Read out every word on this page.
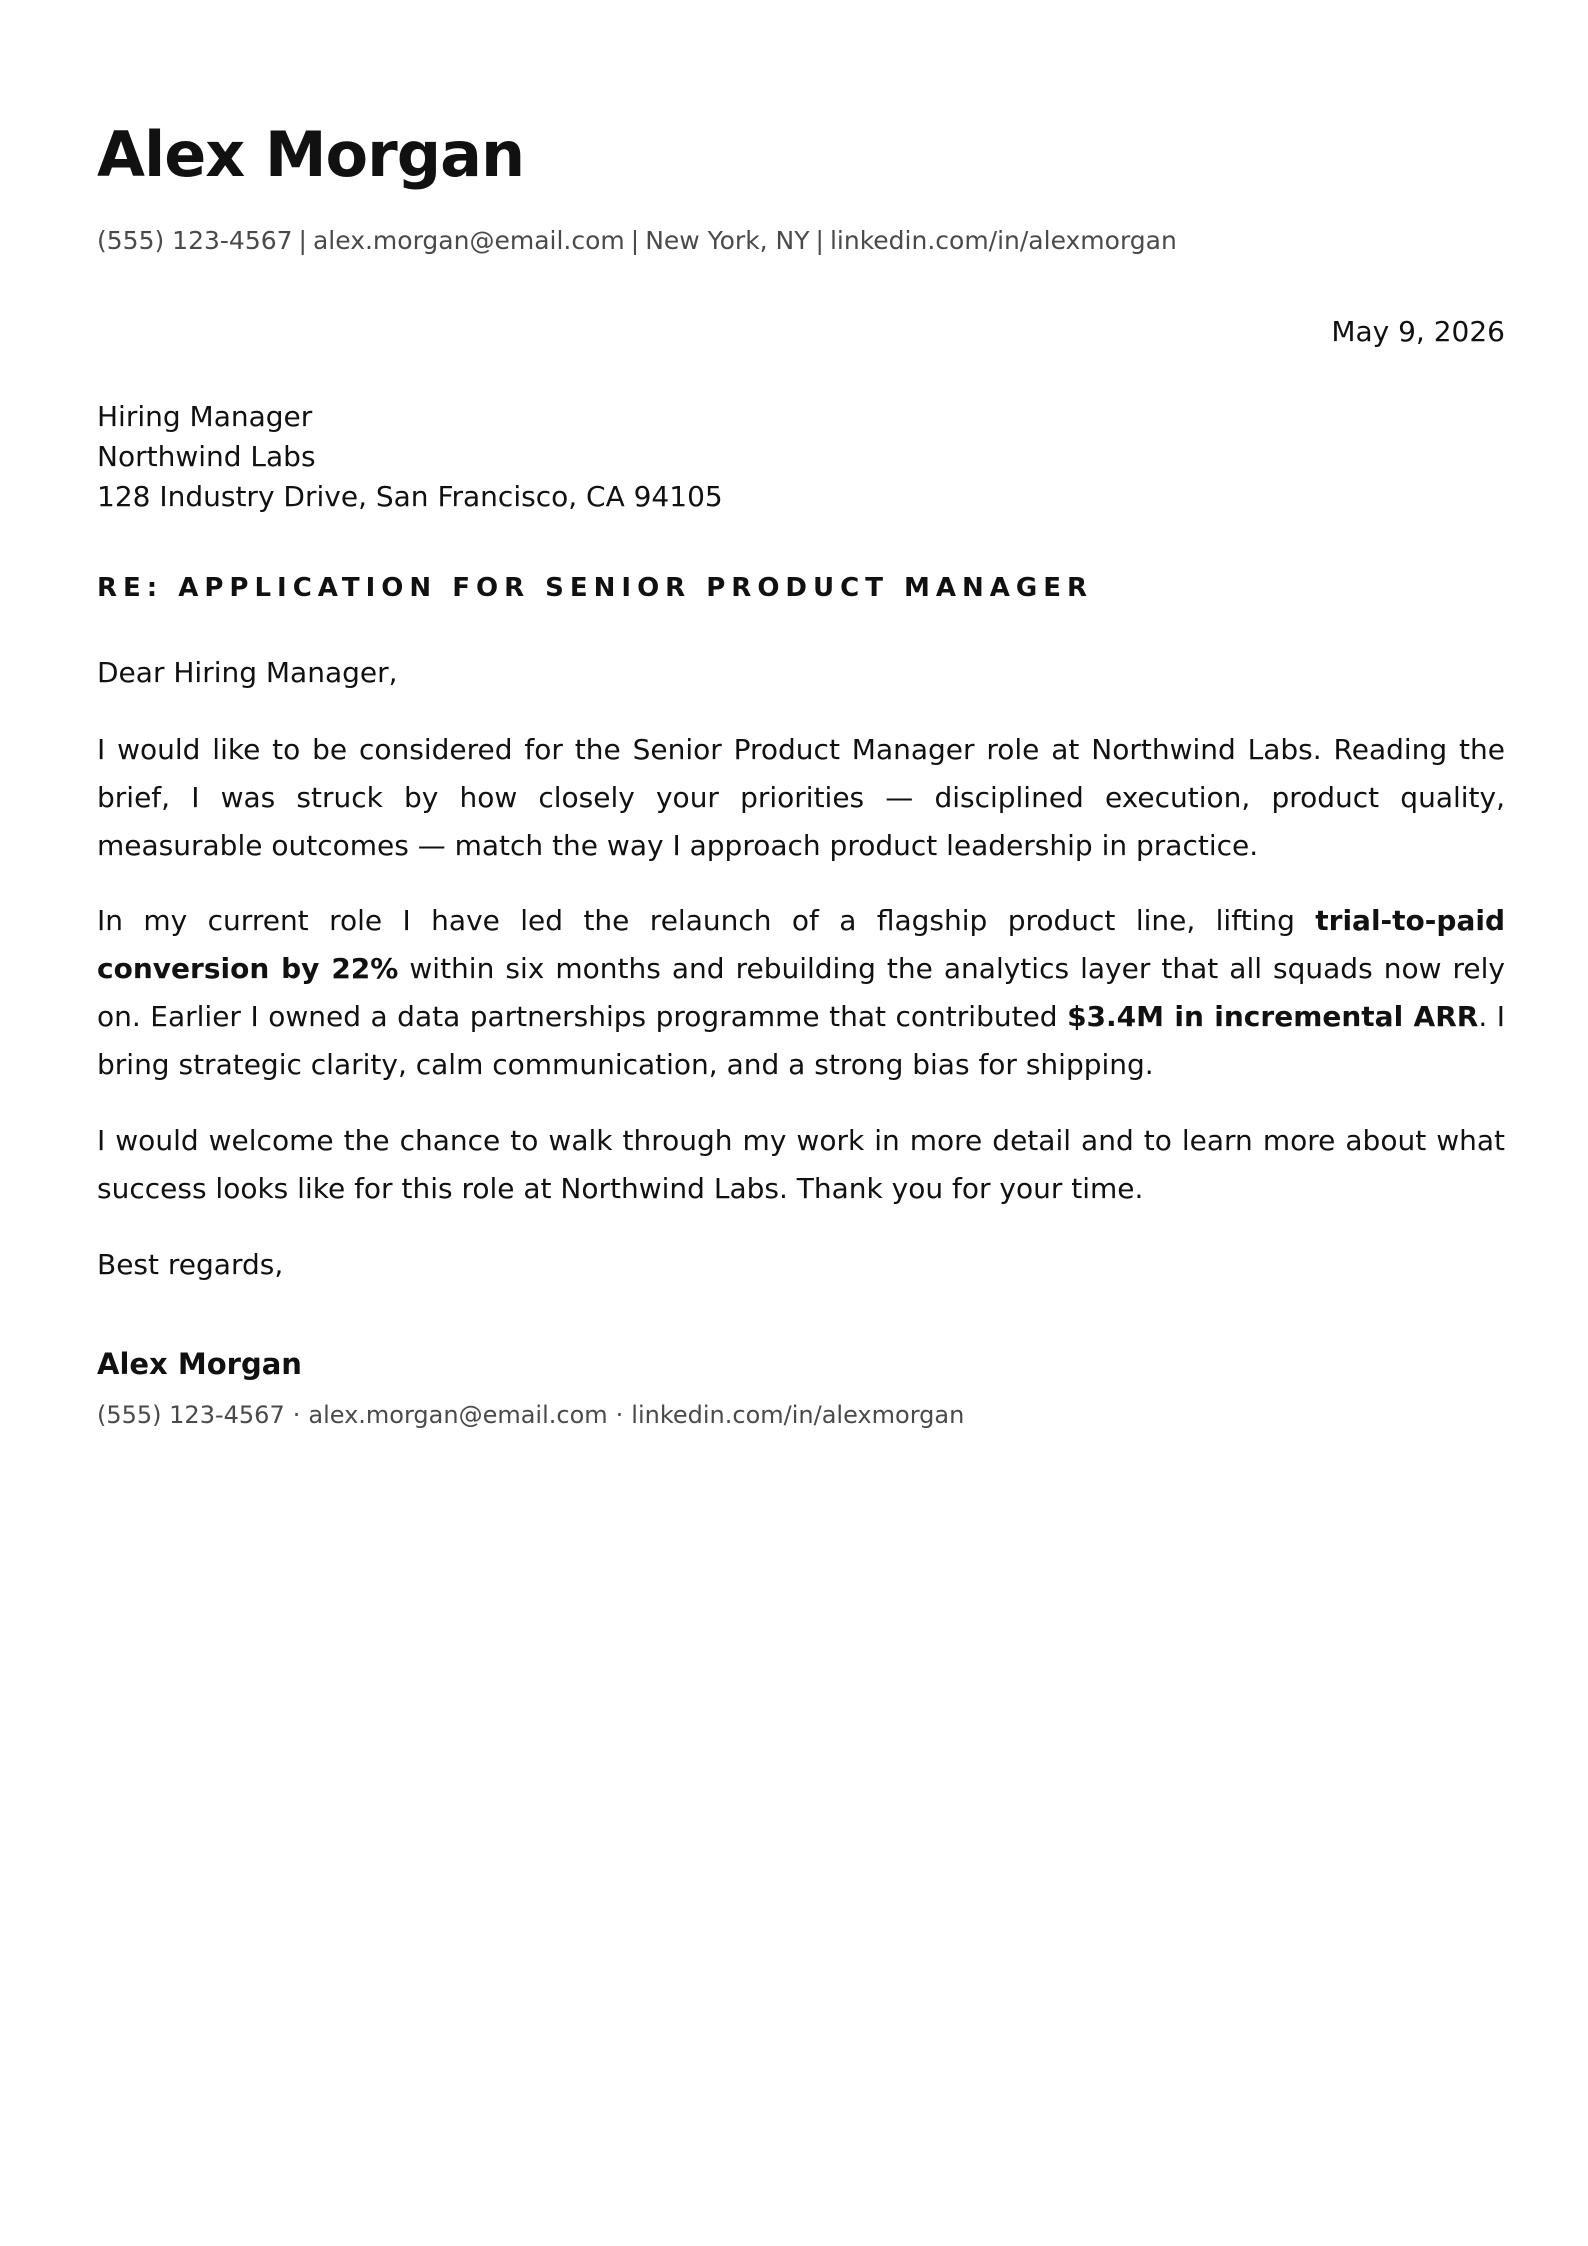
Alex Morgan
(555) 123-4567 | alex.morgan@email.com | New York, NY | linkedin.com/in/alexmorgan
May 9, 2026
Hiring Manager
Northwind Labs
128 Industry Drive, San Francisco, CA 94105
RE: APPLICATION FOR SENIOR PRODUCT MANAGER
Dear Hiring Manager,

I would like to be considered for the Senior Product Manager role at Northwind Labs. Reading the brief, I was struck by how closely your priorities — disciplined execution, product quality, measurable outcomes — match the way I approach product leadership in practice.

In my current role I have led the relaunch of a flagship product line, lifting trial-to-paid conversion by 22% within six months and rebuilding the analytics layer that all squads now rely on. Earlier I owned a data partnerships programme that contributed $3.4M in incremental ARR. I bring strategic clarity, calm communication, and a strong bias for shipping.

I would welcome the chance to walk through my work in more detail and to learn more about what success looks like for this role at Northwind Labs. Thank you for your time.

Best regards,
Alex Morgan
(555) 123-4567 · alex.morgan@email.com · linkedin.com/in/alexmorgan
